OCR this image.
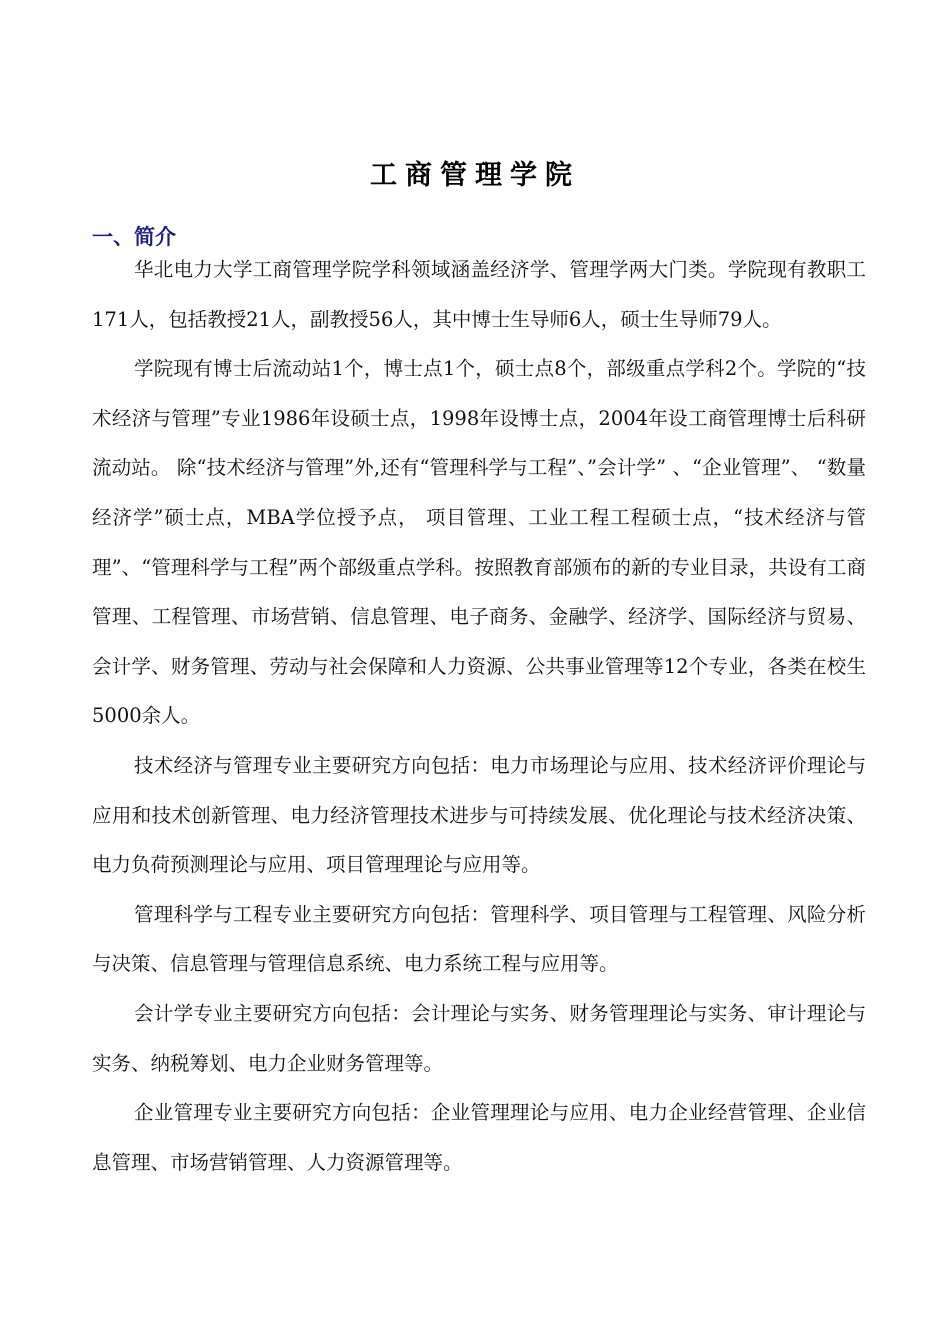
工商管理学院
一、简介

华北电力大学工商管理学院学科领域涵盖经济学、管理学两大门类。学院现有教职工171人，包括教授21人，副教授56人，其中博士生导师6人，硕士生导师79人。

学院现有博士后流动站1个，博士点1个，硕士点8个，部级重点学科2个。学院的“技术经济与管理”专业1986年设硕士点，1998年设博士点，2004年设工商管理博士后科研流动站。 除“技术经济与管理”外,还有“管理科学与工程”、”会计学” 、“企业管理”、 “数量经济学”硕士点，MBA学位授予点， 项目管理、工业工程工程硕士点，“技术经济与管理”、“管理科学与工程”两个部级重点学科。按照教育部颁布的新的专业目录，共设有工商管理、工程管理、市场营销、信息管理、电子商务、金融学、经济学、国际经济与贸易、会计学、财务管理、劳动与社会保障和人力资源、公共事业管理等12个专业，各类在校生5000余人。

技术经济与管理专业主要研究方向包括：电力市场理论与应用、技术经济评价理论与应用和技术创新管理、电力经济管理技术进步与可持续发展、优化理论与技术经济决策、电力负荷预测理论与应用、项目管理理论与应用等。

管理科学与工程专业主要研究方向包括：管理科学、项目管理与工程管理、风险分析与决策、信息管理与管理信息系统、电力系统工程与应用等。

会计学专业主要研究方向包括：会计理论与实务、财务管理理论与实务、审计理论与实务、纳税筹划、电力企业财务管理等。

企业管理专业主要研究方向包括：企业管理理论与应用、电力企业经营管理、企业信息管理、市场营销管理、人力资源管理等。
